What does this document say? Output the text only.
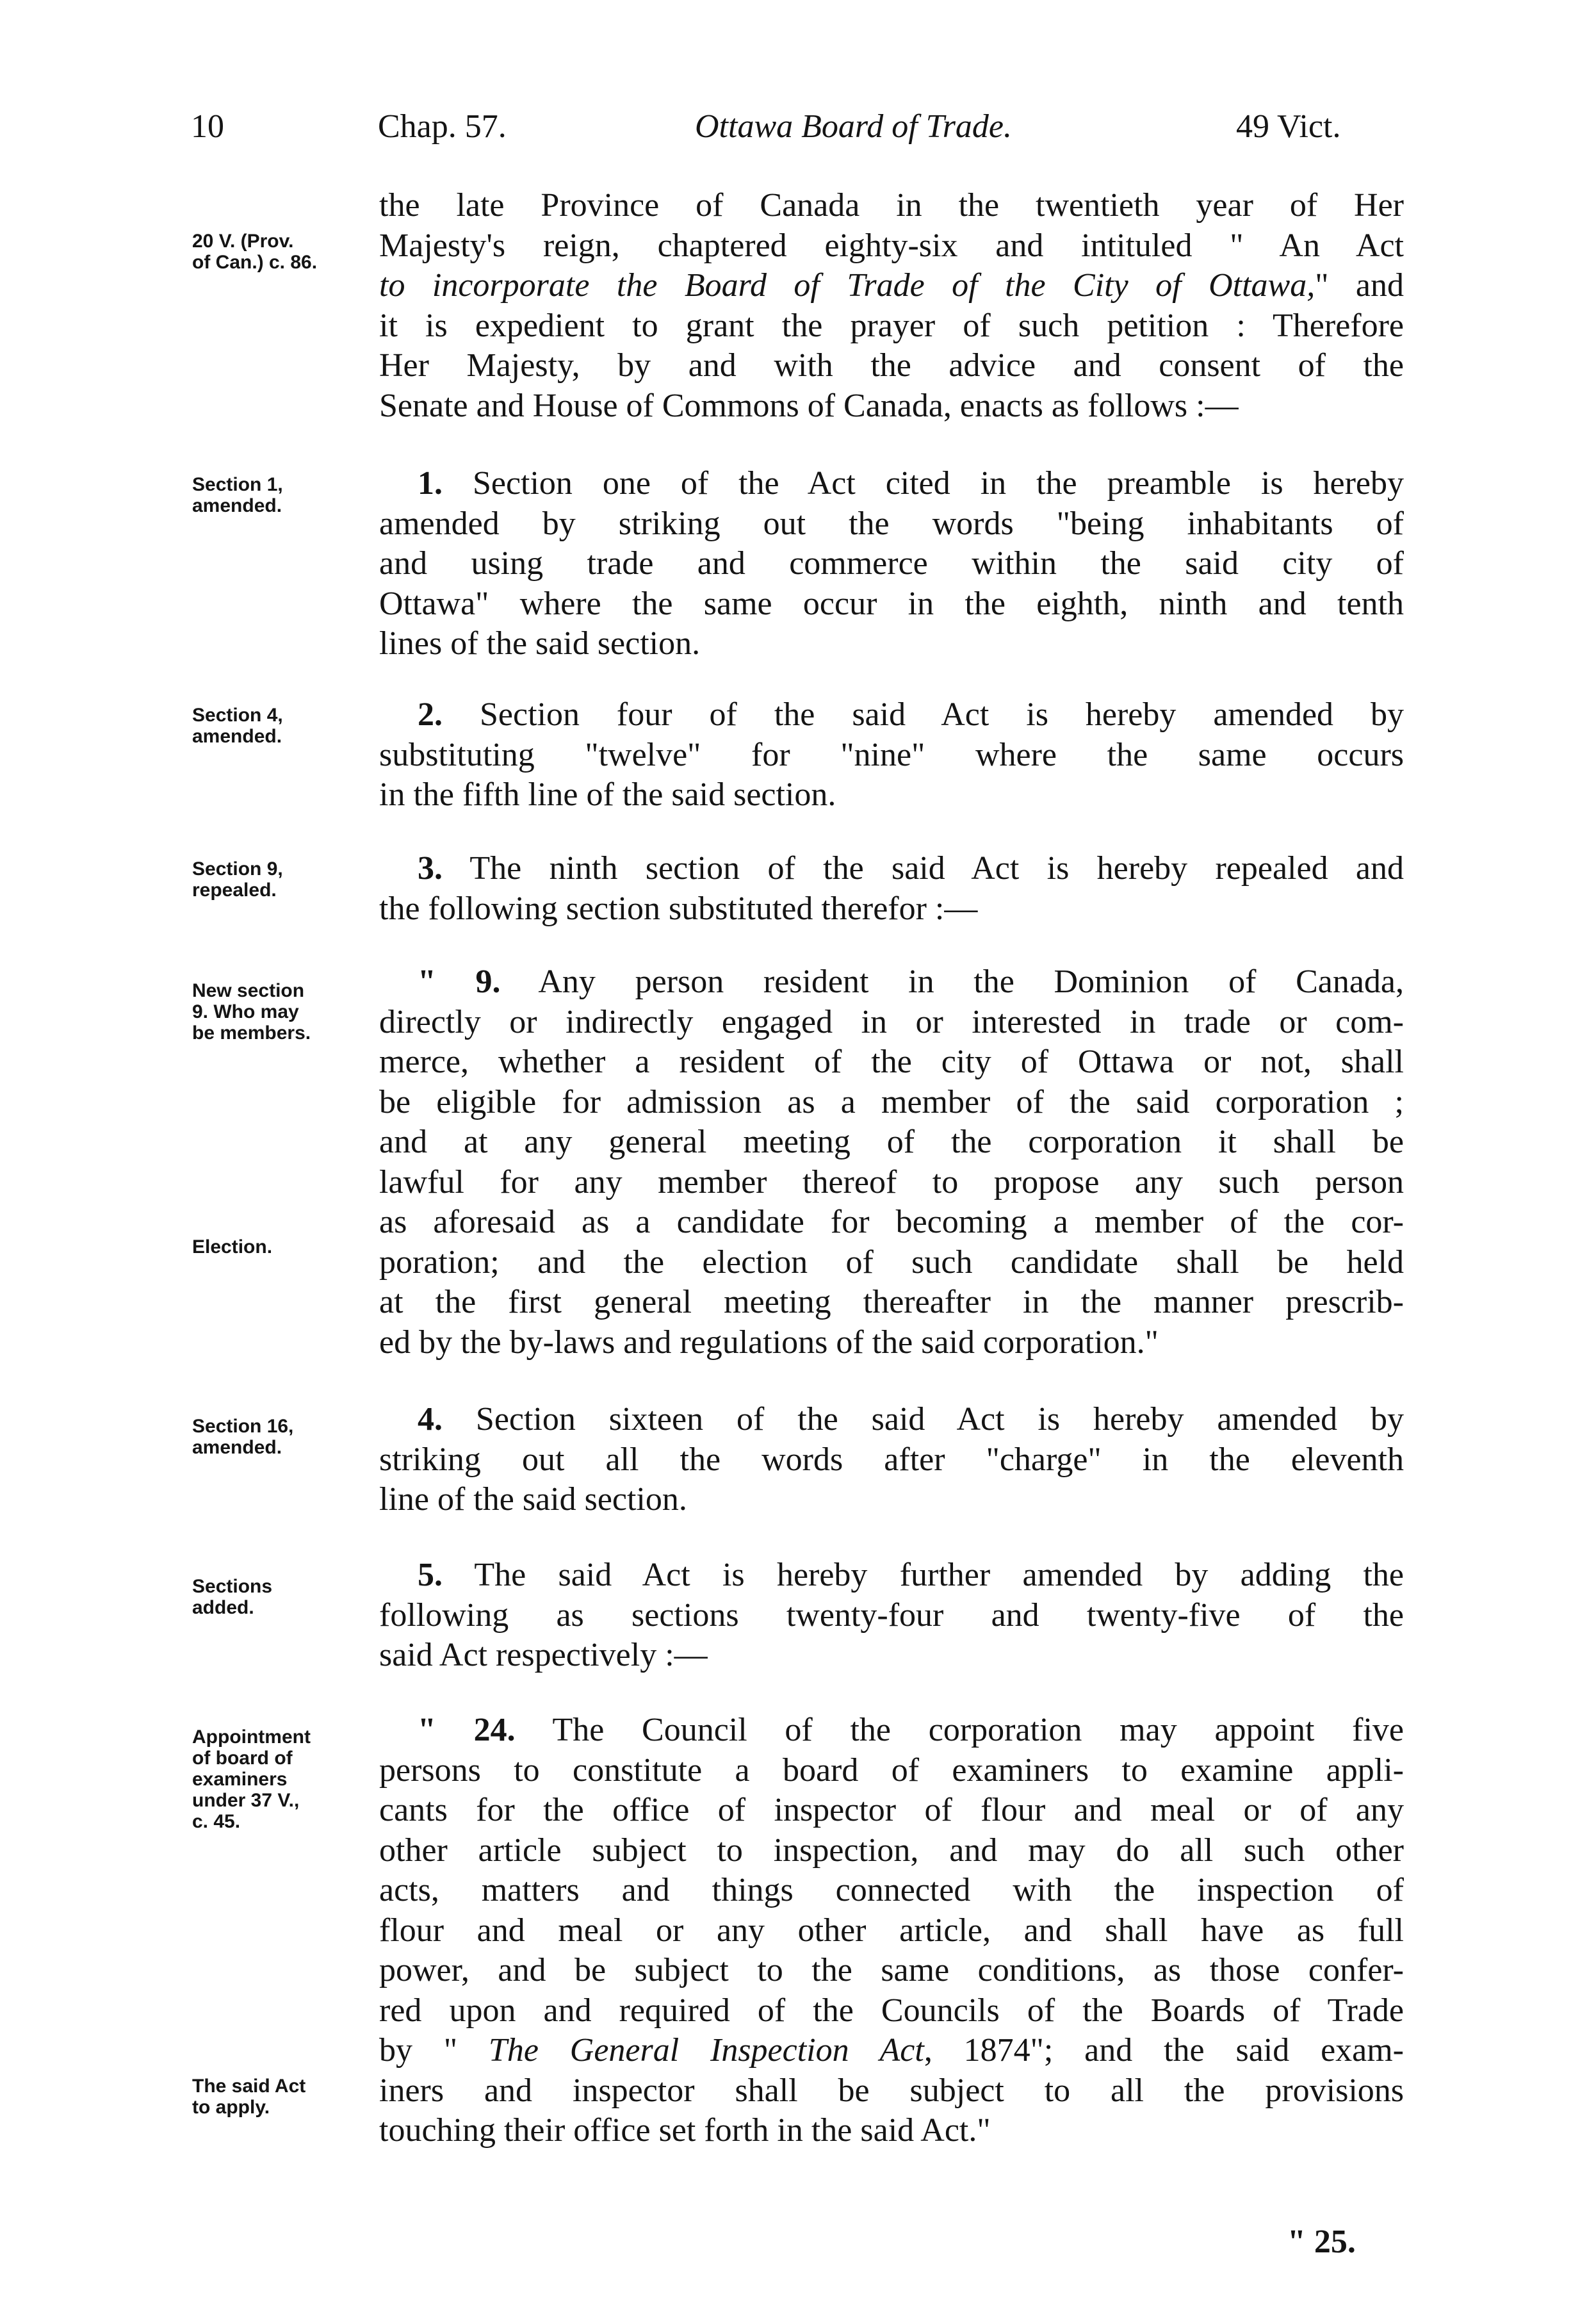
10	Chap. 57.	Ottawa Board of Trade.	49 Vict.
20 V. (Prov.
of Can.) c. 86.
the late Province of Canada in the twentieth year of Her
Majesty's reign, chaptered eighty-six and intituled " An Act
to incorporate the Board of Trade of the City of Ottawa," and
it is expedient to grant the prayer of such petition : Therefore
Her Majesty, by and with the advice and consent of the
Senate and House of Commons of Canada, enacts as follows :—
Section 1,
amended.
1. Section one of the Act cited in the preamble is hereby
amended by striking out the words "being inhabitants of
and using trade and commerce within the said city of
Ottawa" where the same occur in the eighth, ninth and tenth
lines of the said section.
Section 4,
amended.
2. Section four of the said Act is hereby amended by
substituting "twelve" for "nine" where the same occurs
in the fifth line of the said section.
Section 9,
repealed.
3. The ninth section of the said Act is hereby repealed and
the following section substituted therefor :—
New section
9. Who may
be members.
Election.
" 9. Any person resident in the Dominion of Canada,
directly or indirectly engaged in or interested in trade or com-
merce, whether a resident of the city of Ottawa or not, shall
be eligible for admission as a member of the said corporation ;
and at any general meeting of the corporation it shall be
lawful for any member thereof to propose any such person
as aforesaid as a candidate for becoming a member of the cor-
poration; and the election of such candidate shall be held
at the first general meeting thereafter in the manner prescrib-
ed by the by-laws and regulations of the said corporation."
Section 16,
amended.
4. Section sixteen of the said Act is hereby amended by
striking out all the words after "charge" in the eleventh
line of the said section.
Sections
added.
5. The said Act is hereby further amended by adding the
following as sections twenty-four and twenty-five of the
said Act respectively :—
Appointment
of board of
examiners
under 37 V.,
c. 45.
The said Act
to apply.
" 24. The Council of the corporation may appoint five
persons to constitute a board of examiners to examine appli-
cants for the office of inspector of flour and meal or of any
other article subject to inspection, and may do all such other
acts, matters and things connected with the inspection of
flour and meal or any other article, and shall have as full
power, and be subject to the same conditions, as those confer-
red upon and required of the Councils of the Boards of Trade
by " The General Inspection Act, 1874"; and the said exam-
iners and inspector shall be subject to all the provisions
touching their office set forth in the said Act."
" 25.
